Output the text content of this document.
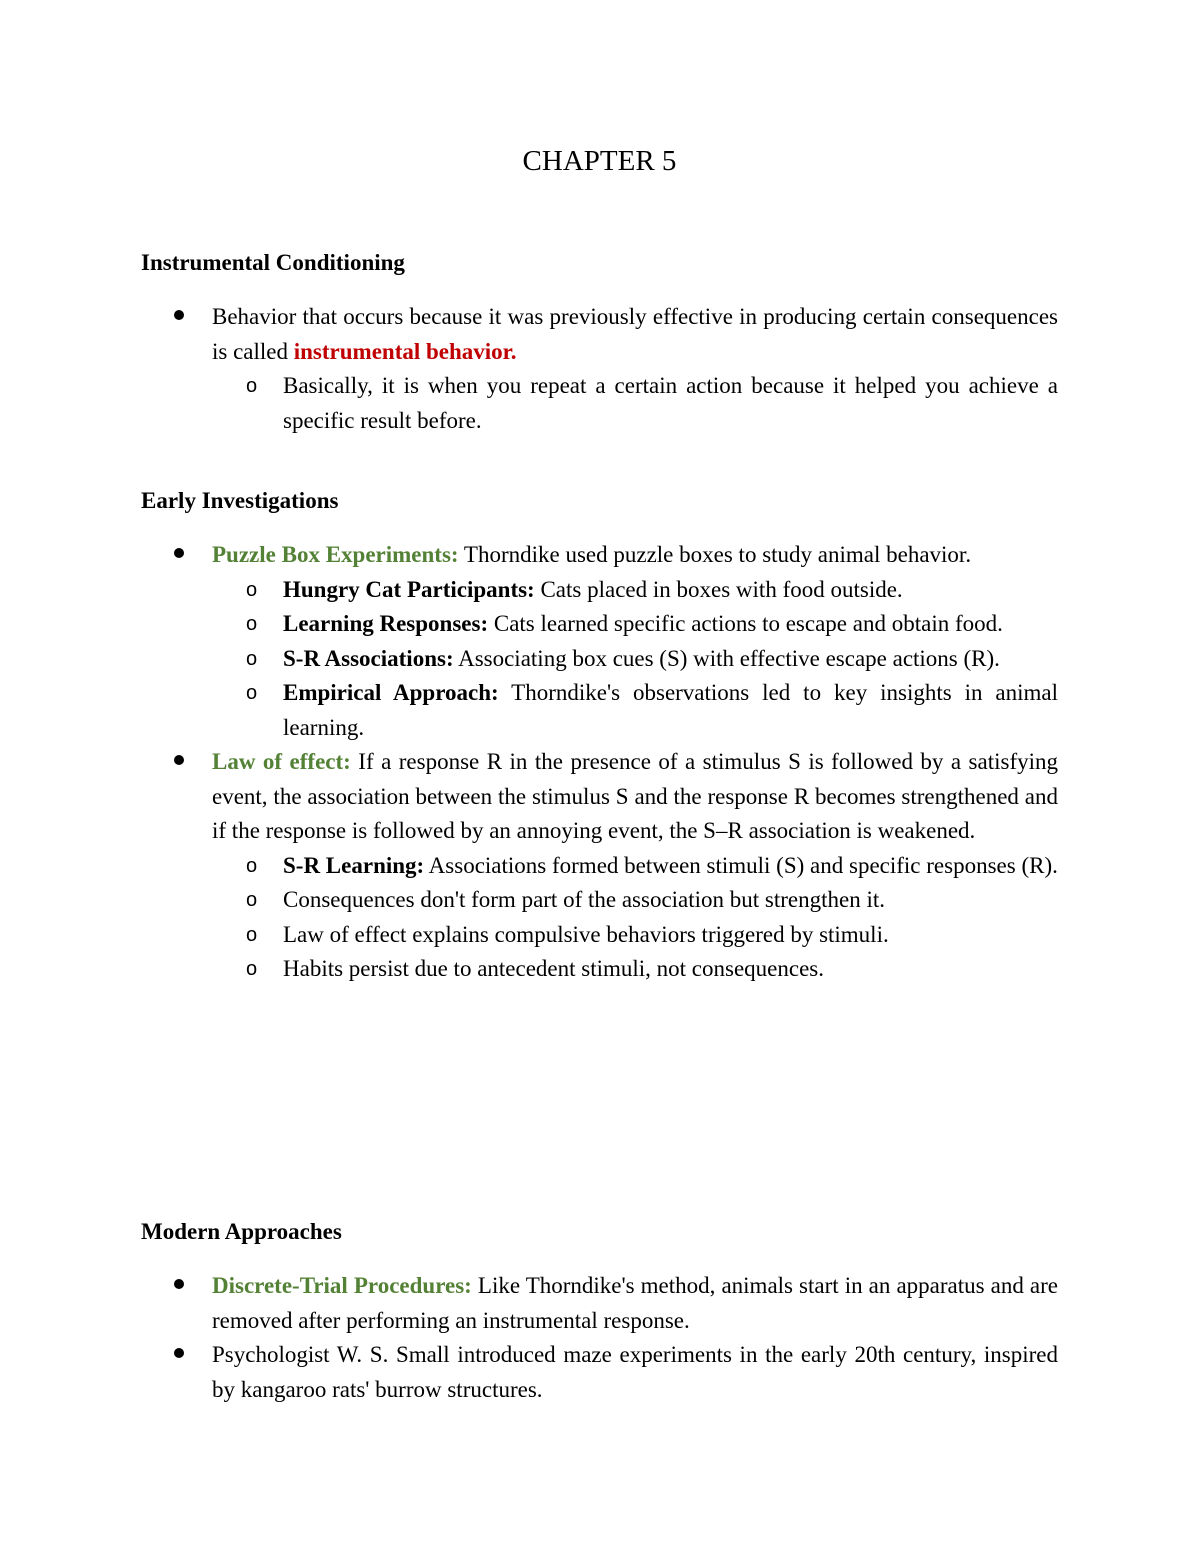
CHAPTER 5
Instrumental Conditioning
Behavior that occurs because it was previously effective in producing certain consequences is called instrumental behavior.
o Basically, it is when you repeat a certain action because it helped you achieve a specific result before.
Early Investigations
Puzzle Box Experiments: Thorndike used puzzle boxes to study animal behavior.
o Hungry Cat Participants: Cats placed in boxes with food outside.
o Learning Responses: Cats learned specific actions to escape and obtain food.
o S-R Associations: Associating box cues (S) with effective escape actions (R).
o Empirical Approach: Thorndike's observations led to key insights in animal learning.
Law of effect: If a response R in the presence of a stimulus S is followed by a satisfying event, the association between the stimulus S and the response R becomes strengthened and if the response is followed by an annoying event, the S–R association is weakened.
o S-R Learning: Associations formed between stimuli (S) and specific responses (R).
o Consequences don't form part of the association but strengthen it.
o Law of effect explains compulsive behaviors triggered by stimuli.
o Habits persist due to antecedent stimuli, not consequences.
Modern Approaches
Discrete-Trial Procedures: Like Thorndike's method, animals start in an apparatus and are removed after performing an instrumental response.
Psychologist W. S. Small introduced maze experiments in the early 20th century, inspired by kangaroo rats' burrow structures.
